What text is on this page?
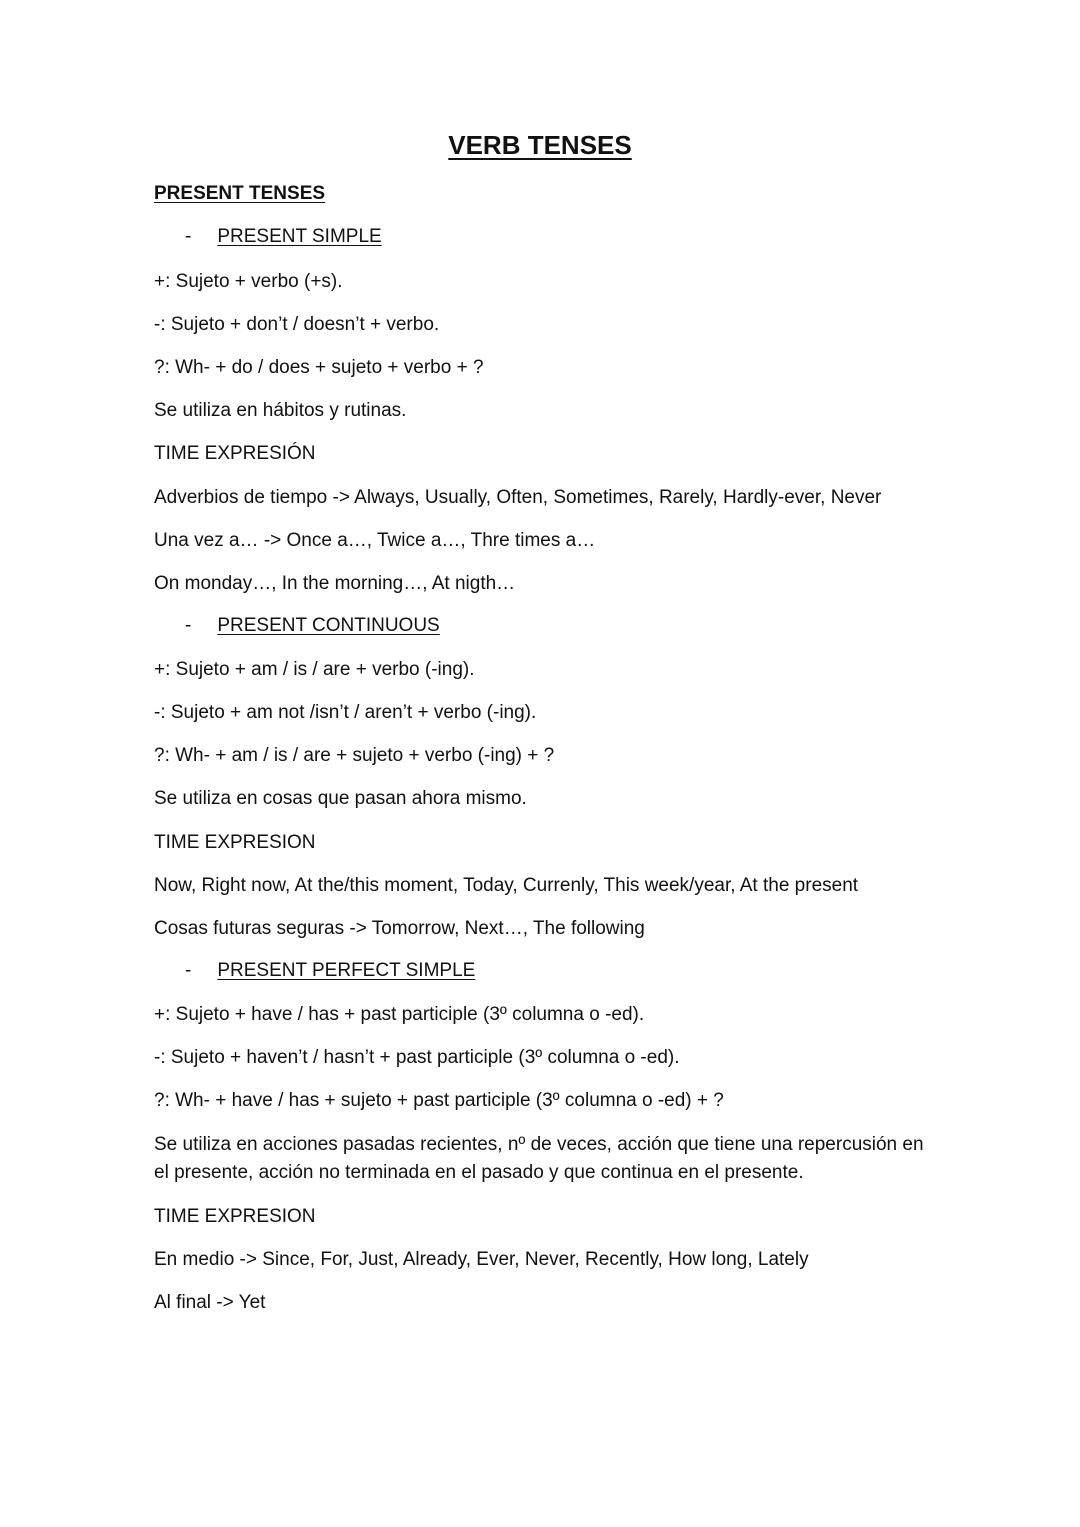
VERB TENSES
PRESENT TENSES
- PRESENT SIMPLE
+: Sujeto + verbo (+s).
-: Sujeto + don’t / doesn’t + verbo.
?: Wh- + do / does + sujeto + verbo + ?
Se utiliza en hábitos y rutinas.
TIME EXPRESIÓN
Adverbios de tiempo -> Always, Usually, Often, Sometimes, Rarely, Hardly-ever, Never
Una vez a… -> Once a…, Twice a…, Thre times a…
On monday…, In the morning…, At nigth…
- PRESENT CONTINUOUS
+: Sujeto + am / is / are + verbo (-ing).
-: Sujeto + am not /isn’t / aren’t + verbo (-ing).
?: Wh- + am / is / are + sujeto + verbo (-ing) + ?
Se utiliza en cosas que pasan ahora mismo.
TIME EXPRESION
Now, Right now, At the/this moment, Today, Currenly, This week/year, At the present
Cosas futuras seguras -> Tomorrow, Next…, The following
- PRESENT PERFECT SIMPLE
+: Sujeto + have / has + past participle (3º columna o -ed).
-: Sujeto + haven’t / hasn’t + past participle (3º columna o -ed).
?: Wh- + have / has + sujeto + past participle (3º columna o -ed) + ?
Se utiliza en acciones pasadas recientes, nº de veces, acción que tiene una repercusión en el presente, acción no terminada en el pasado y que continua en el presente.
TIME EXPRESION
En medio -> Since, For, Just, Already, Ever, Never, Recently, How long, Lately
Al final -> Yet
